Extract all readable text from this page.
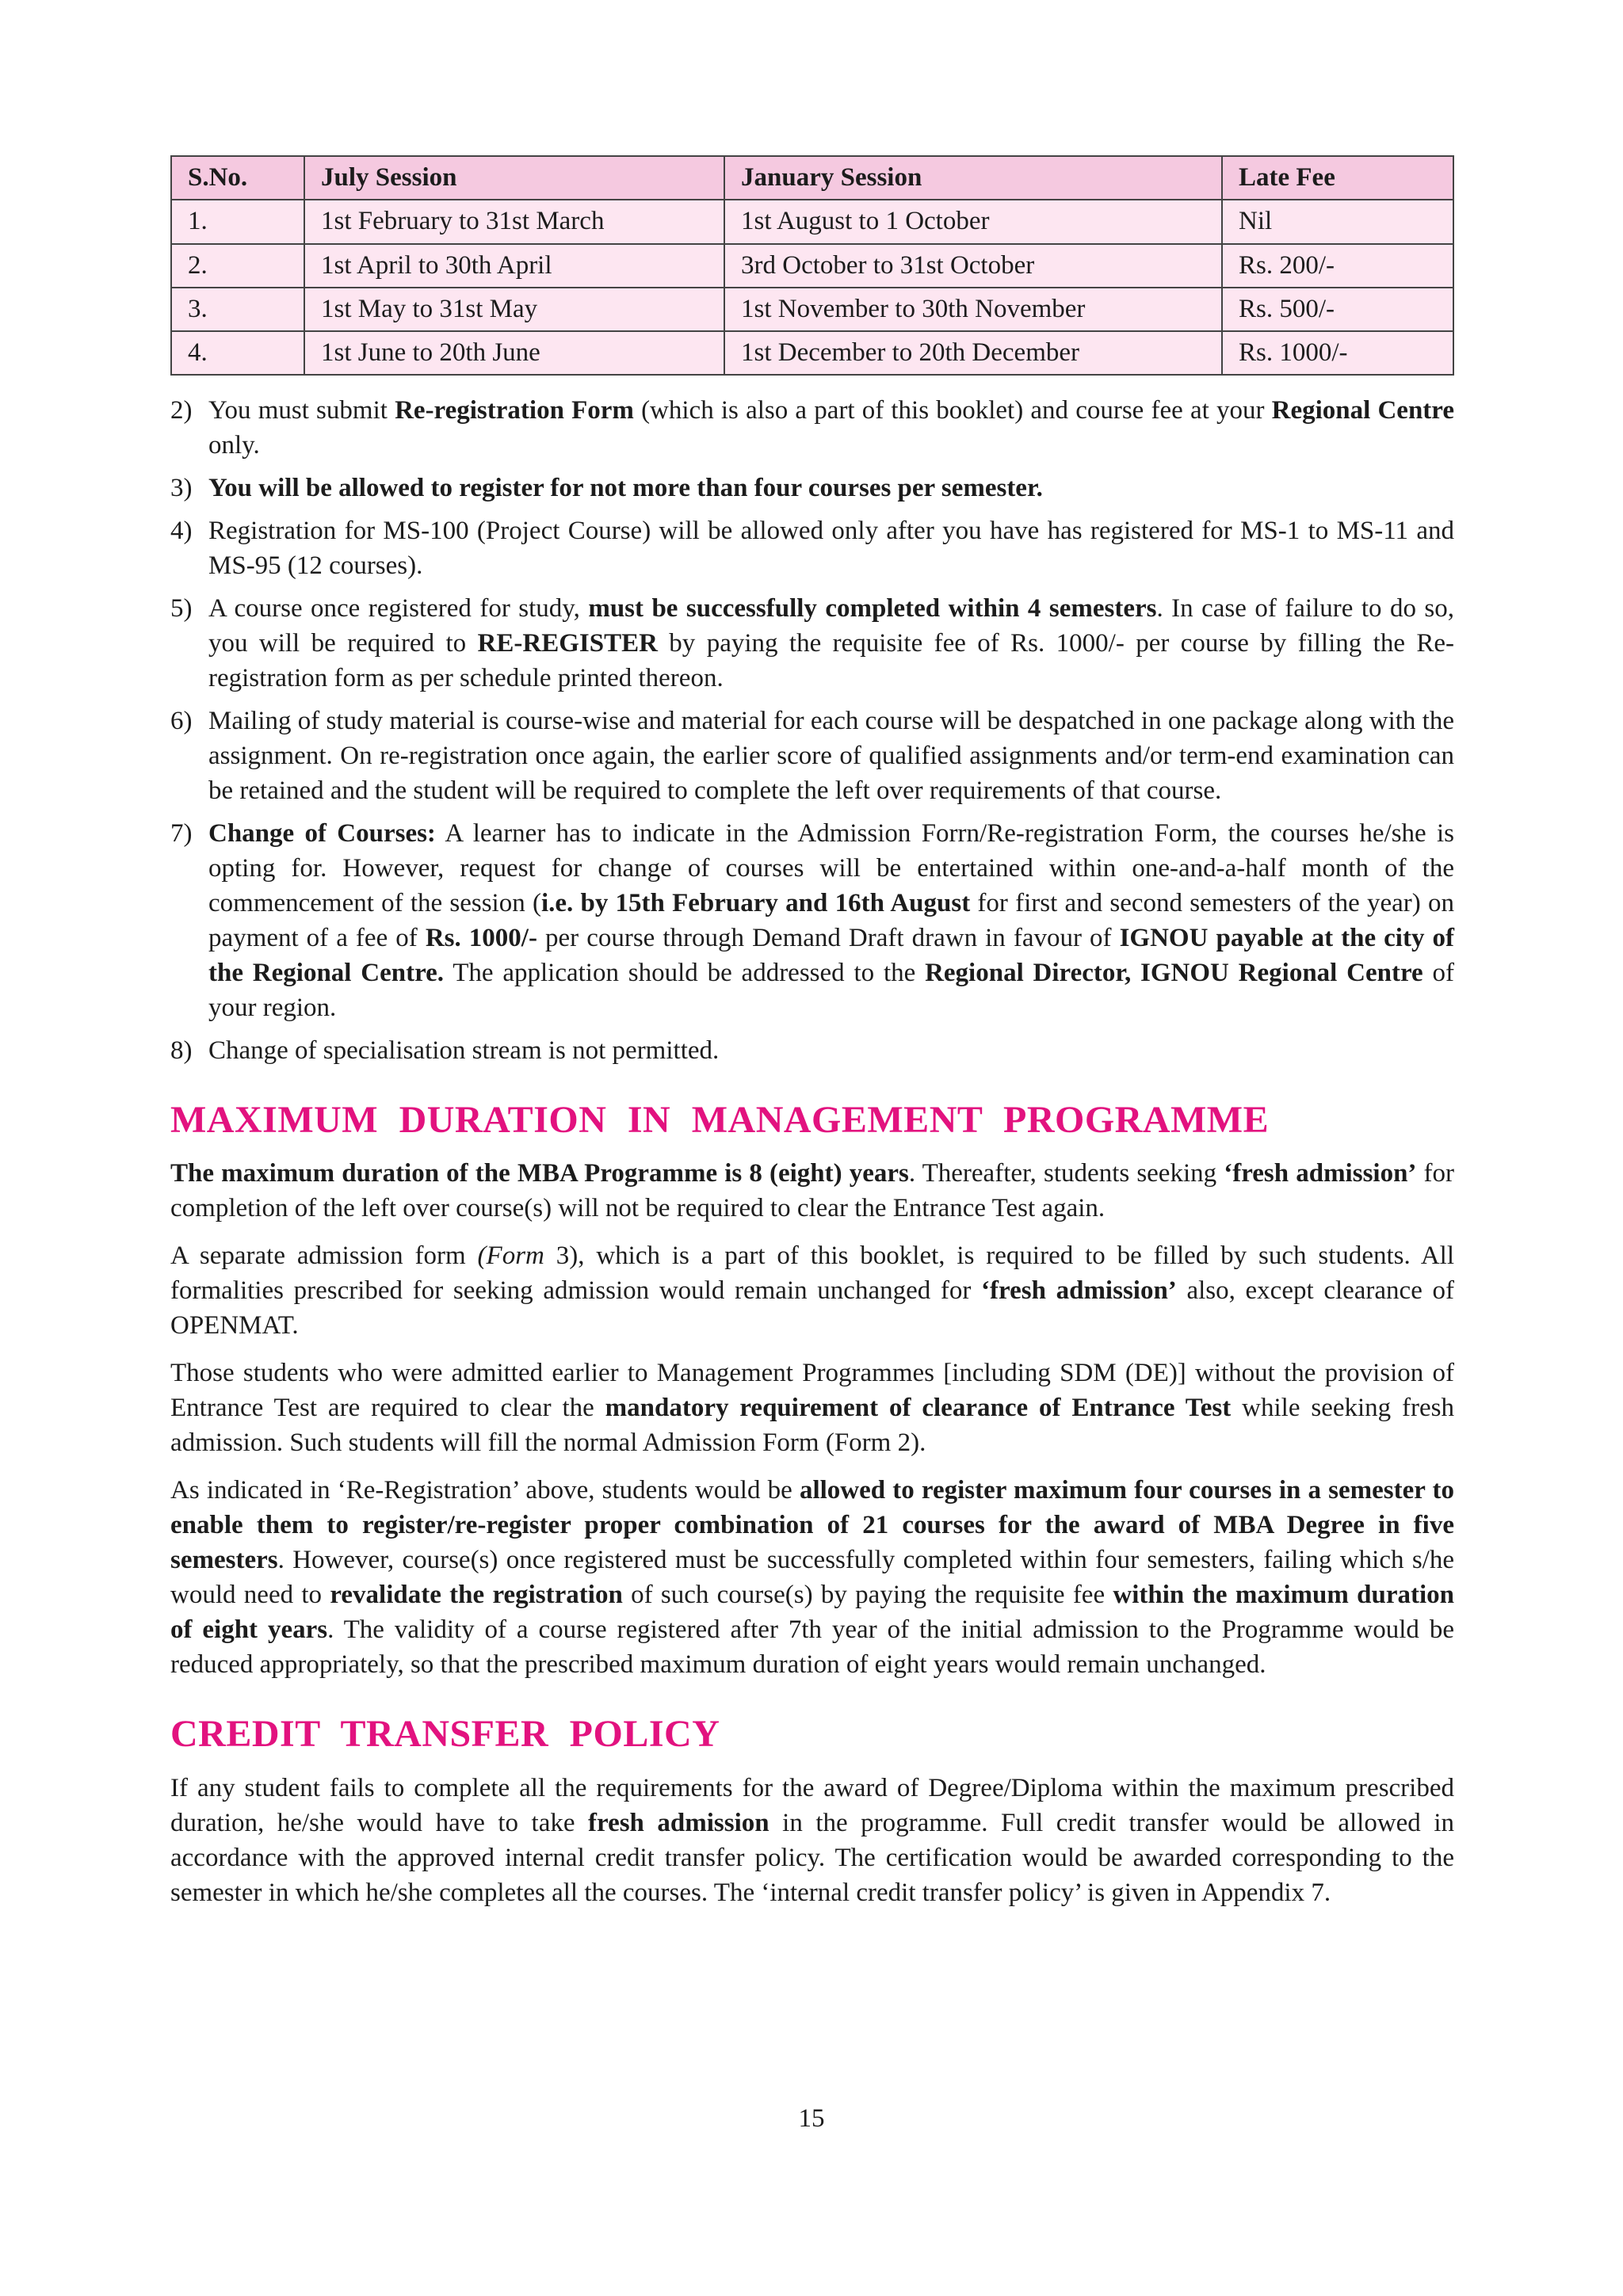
S.No.	July Session	January Session	Late Fee
1.	1st February to 31st March	1st August to 1 October	Nil
2.	1st April to 30th April	3rd October to 31st October	Rs. 200/-
3.	1st May to 31st May	1st November to 30th November	Rs. 500/-
4.	1st June to 20th June	1st December to 20th December	Rs. 1000/-
2) You must submit Re-registration Form (which is also a part of this booklet) and course fee at your Regional Centre only.
3) You will be allowed to register for not more than four courses per semester.
4) Registration for MS-100 (Project Course) will be allowed only after you have has registered for MS-1 to MS-11 and MS-95 (12 courses).
5) A course once registered for study, must be successfully completed within 4 semesters. In case of failure to do so, you will be required to RE-REGISTER by paying the requisite fee of Rs. 1000/- per course by filling the Re-registration form as per schedule printed thereon.
6) Mailing of study material is course-wise and material for each course will be despatched in one package along with the assignment. On re-registration once again, the earlier score of qualified assignments and/or term-end examination can be retained and the student will be required to complete the left over requirements of that course.
7) Change of Courses: A learner has to indicate in the Admission Forrn/Re-registration Form, the courses he/she is opting for. However, request for change of courses will be entertained within one-and-a-half month of the commencement of the session (i.e. by 15th February and 16th August for first and second semesters of the year) on payment of a fee of Rs. 1000/- per course through Demand Draft drawn in favour of IGNOU payable at the city of the Regional Centre. The application should be addressed to the Regional Director, IGNOU Regional Centre of your region.
8) Change of specialisation stream is not permitted.
MAXIMUM DURATION IN MANAGEMENT PROGRAMME

The maximum duration of the MBA Programme is 8 (eight) years. Thereafter, students seeking ‘fresh admission’ for completion of the left over course(s) will not be required to clear the Entrance Test again.

A separate admission form (Form 3), which is a part of this booklet, is required to be filled by such students. All formalities prescribed for seeking admission would remain unchanged for ‘fresh admission’ also, except clearance of OPENMAT.

Those students who were admitted earlier to Management Programmes [including SDM (DE)] without the provision of Entrance Test are required to clear the mandatory requirement of clearance of Entrance Test while seeking fresh admission. Such students will fill the normal Admission Form (Form 2).

As indicated in ‘Re-Registration’ above, students would be allowed to register maximum four courses in a semester to enable them to register/re-register proper combination of 21 courses for the award of MBA Degree in five semesters. However, course(s) once registered must be successfully completed within four semesters, failing which s/he would need to revalidate the registration of such course(s) by paying the requisite fee within the maximum duration of eight years. The validity of a course registered after 7th year of the initial admission to the Programme would be reduced appropriately, so that the prescribed maximum duration of eight years would remain unchanged.

CREDIT TRANSFER POLICY

If any student fails to complete all the requirements for the award of Degree/Diploma within the maximum prescribed duration, he/she would have to take fresh admission in the programme. Full credit transfer would be allowed in accordance with the approved internal credit transfer policy. The certification would be awarded corresponding to the semester in which he/she completes all the courses. The ‘internal credit transfer policy’ is given in Appendix 7.

15
